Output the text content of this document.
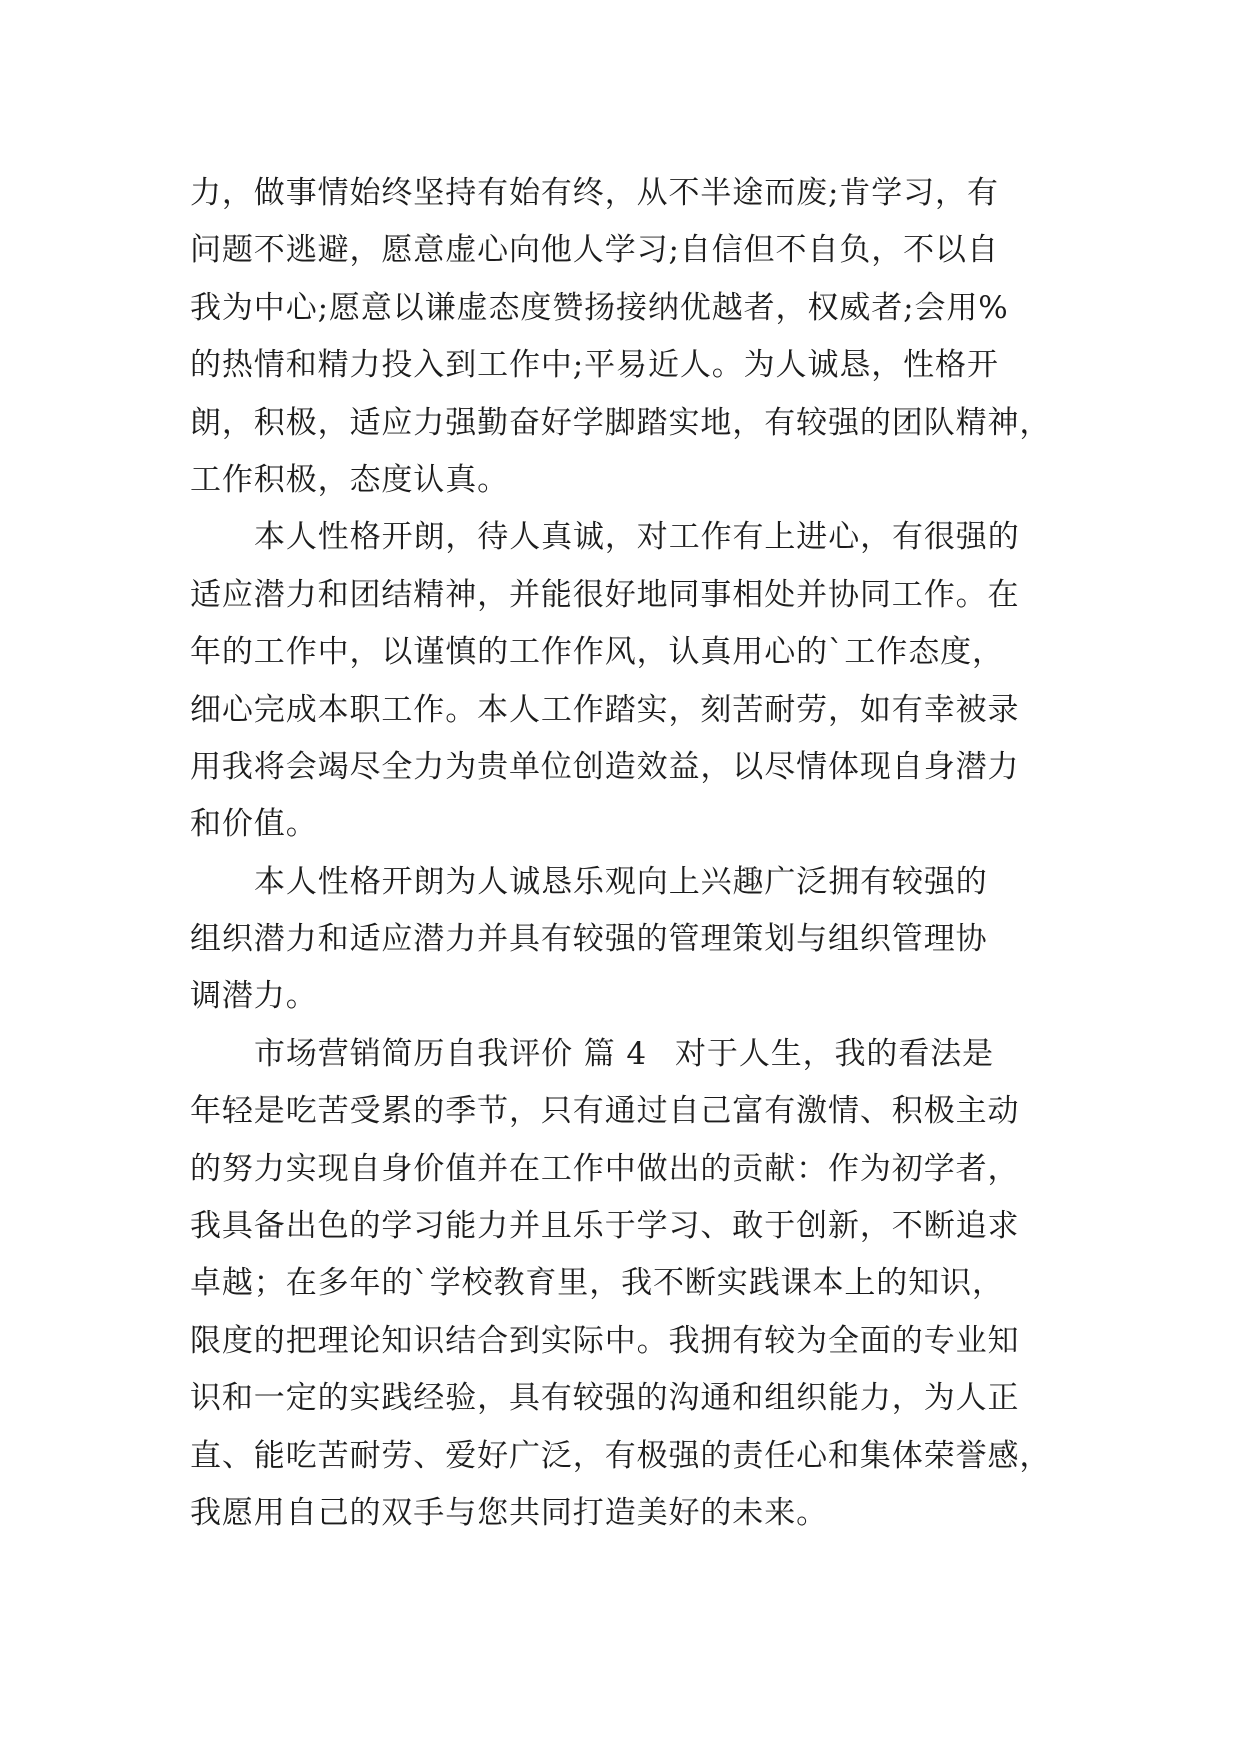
力，做事情始终坚持有始有终，从不半途而废;肯学习，有
问题不逃避，愿意虚心向他人学习;自信但不自负，不以自
我为中心;愿意以谦虚态度赞扬接纳优越者，权威者;会用%
的热情和精力投入到工作中;平易近人。为人诚恳，性格开
朗，积极，适应力强勤奋好学脚踏实地，有较强的团队精神，
工作积极，态度认真。
本人性格开朗，待人真诚，对工作有上进心，有很强的
适应潜力和团结精神，并能很好地同事相处并协同工作。在
年的工作中，以谨慎的工作作风，认真用心的`工作态度，
细心完成本职工作。本人工作踏实，刻苦耐劳，如有幸被录
用我将会竭尽全力为贵单位创造效益，以尽情体现自身潜力
和价值。
本人性格开朗为人诚恳乐观向上兴趣广泛拥有较强的
组织潜力和适应潜力并具有较强的管理策划与组织管理协
调潜力。
市场营销简历自我评价 篇 4 对于人生，我的看法是
年轻是吃苦受累的季节，只有通过自己富有激情、积极主动
的努力实现自身价值并在工作中做出的贡献：作为初学者，
我具备出色的学习能力并且乐于学习、敢于创新，不断追求
卓越；在多年的`学校教育里，我不断实践课本上的知识，
限度的把理论知识结合到实际中。我拥有较为全面的专业知
识和一定的实践经验，具有较强的沟通和组织能力，为人正
直、能吃苦耐劳、爱好广泛，有极强的责任心和集体荣誉感，
我愿用自己的双手与您共同打造美好的未来。
